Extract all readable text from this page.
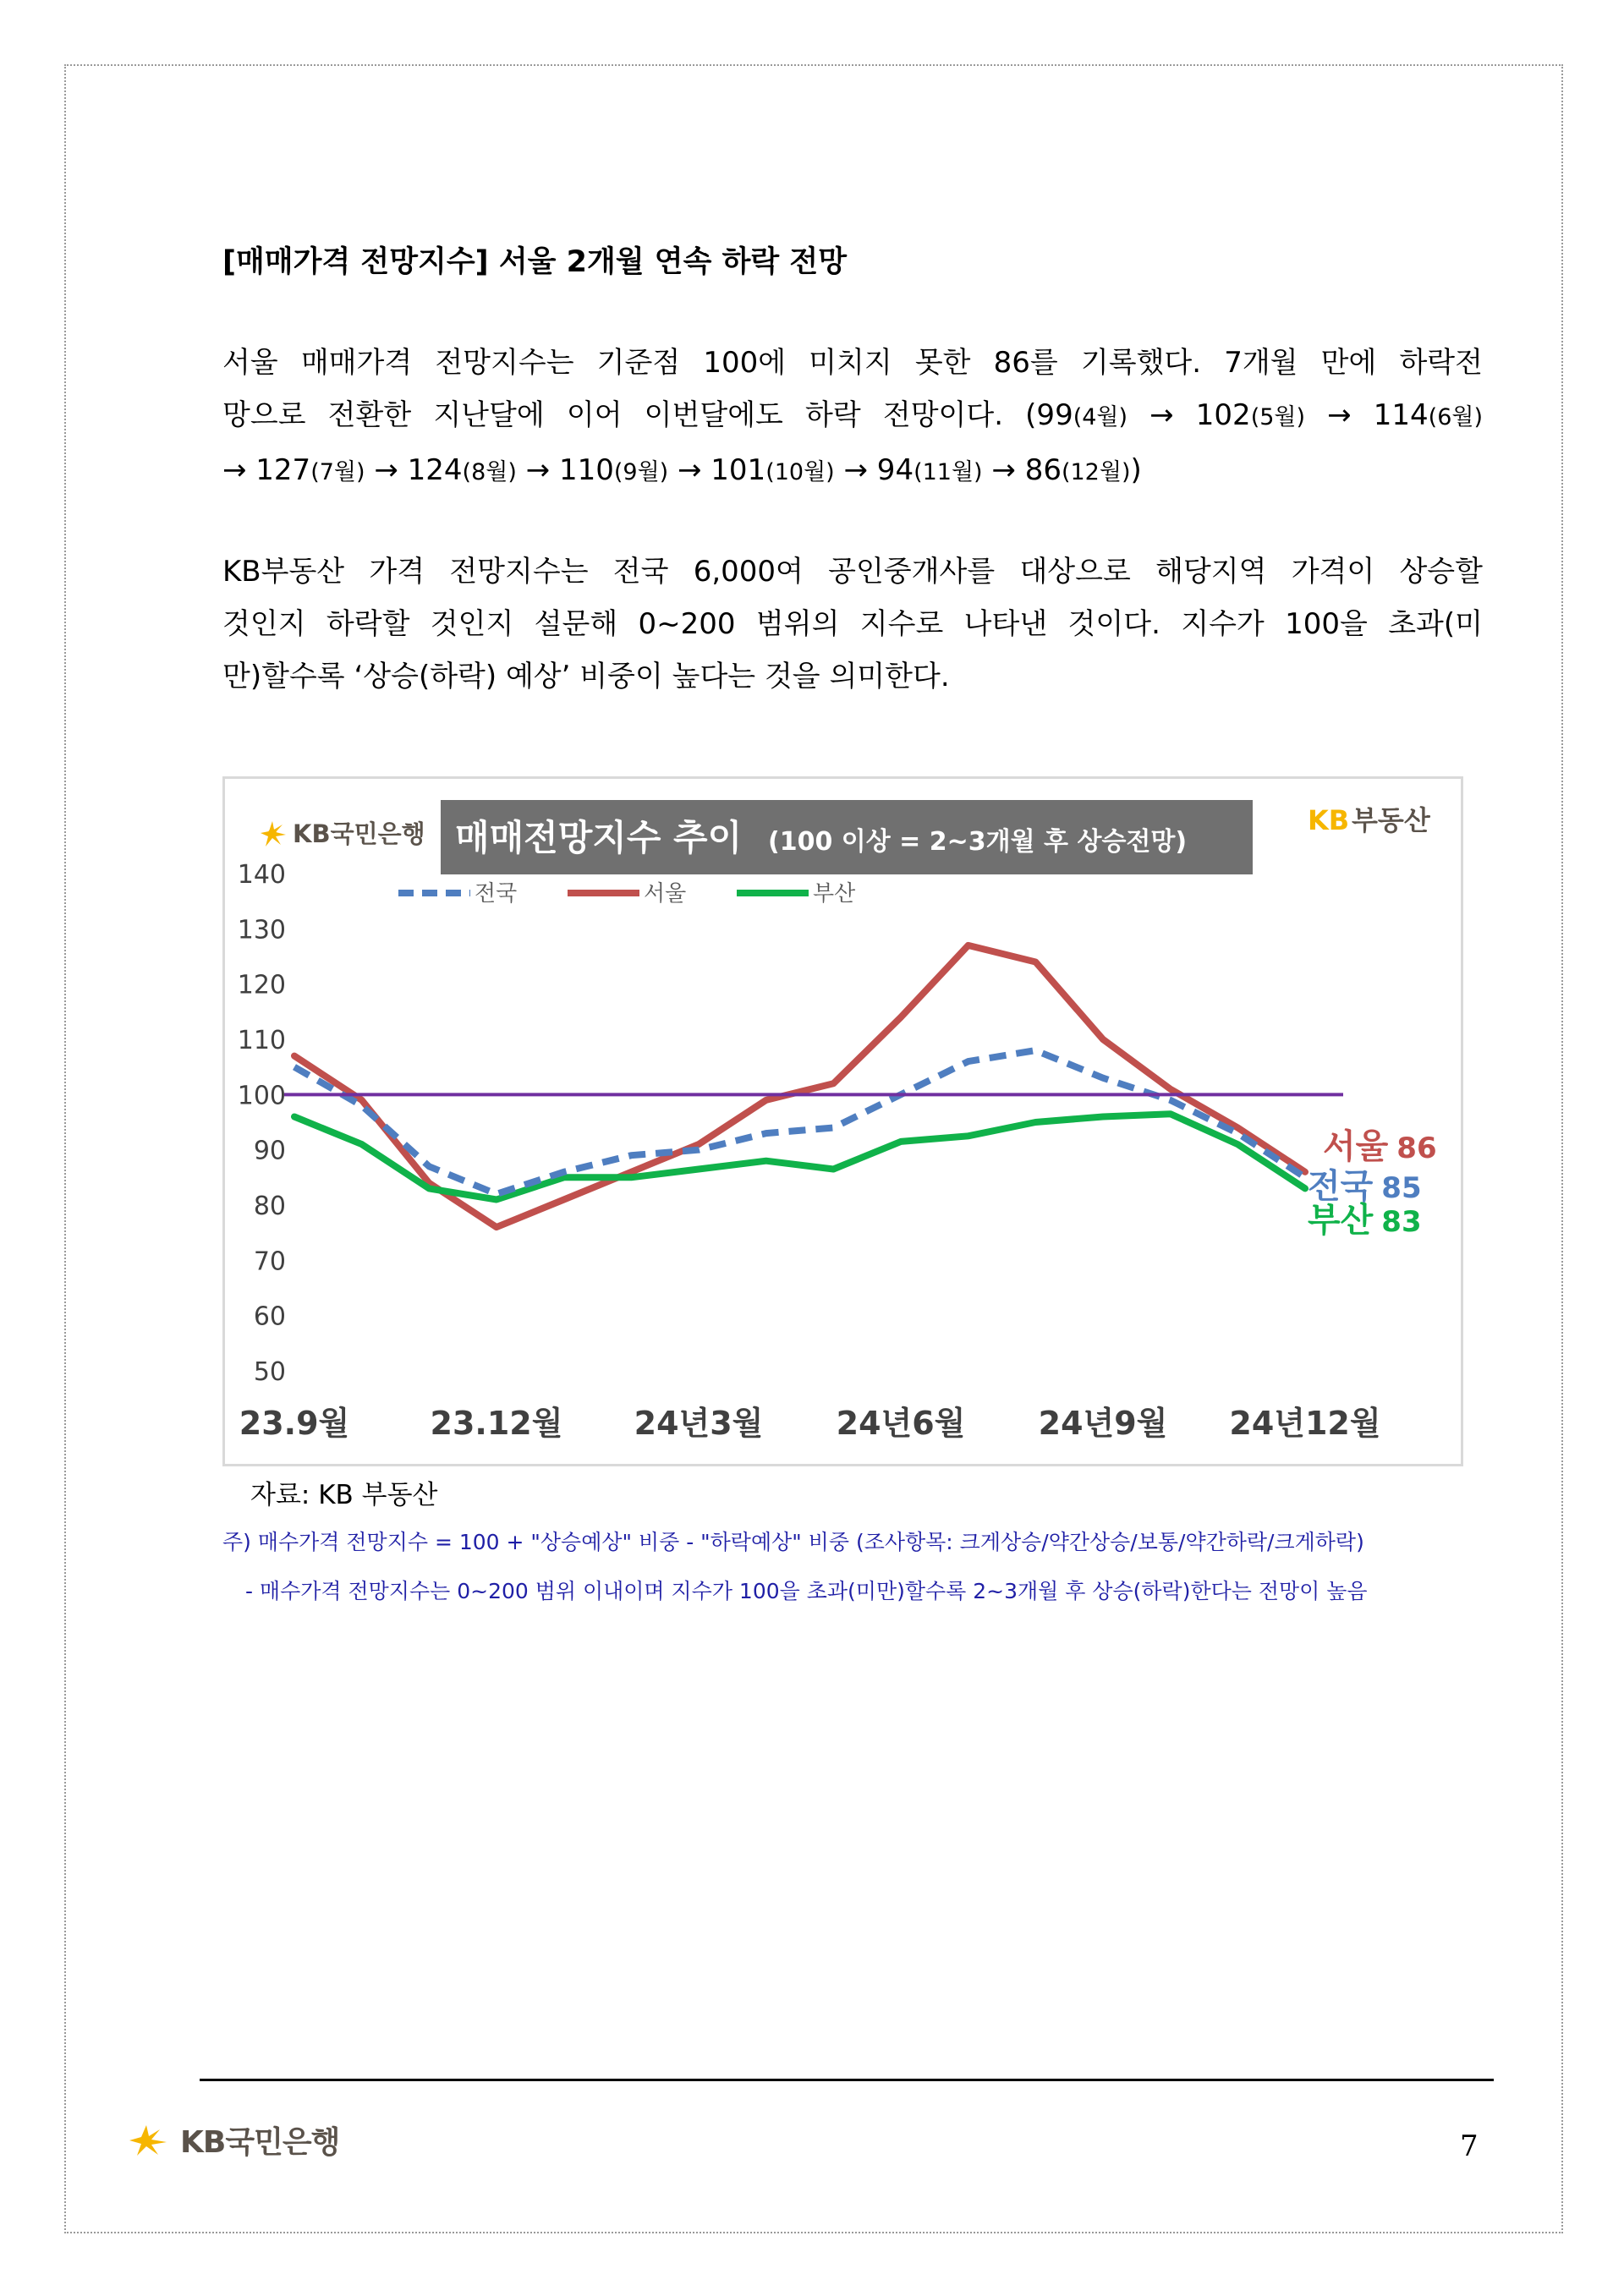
[매매가격 전망지수] 서울 2개월 연속 하락 전망
서울 매매가격 전망지수는 기준점 100에 미치지 못한 86를 기록했다. 7개월 만에 하락전
망으로 전환한 지난달에 이어 이번달에도 하락 전망이다. (99(4월) → 102(5월) → 114(6월)
→ 127(7월) → 124(8월) → 110(9월) → 101(10월) → 94(11월) → 86(12월))
KB부동산 가격 전망지수는 전국 6,000여 공인중개사를 대상으로 해당지역 가격이 상승할
것인지 하락할 것인지 설문해 0~200 범위의 지수로 나타낸 것이다. 지수가 100을 초과(미
만)할수록 ‘상승(하락) 예상’ 비중이 높다는 것을 의미한다.
KB국민은행 매매전망지수 추이 (100 이상 = 2~3개월 후 상승전망)
KB 부동산
전국	서울	부산
140
130
120
110
100
90
80
70
60
50
23.9월	23.12월 24년3월 24년6월 24년9월 24년12월
서울 86
전국 85
부산 83
자료: KB 부동산
주) 매수가격 전망지수 = 100 + "상승예상" 비중 - "하락예상" 비중 (조사항목: 크게상승/약간상승/보통/약간하락/크게하락)
- 매수가격 전망지수는 0~200 범위 이내이며 지수가 100을 초과(미만)할수록 2~3개월 후 상승(하락)한다는 전망이 높음
KB국민은행	7
